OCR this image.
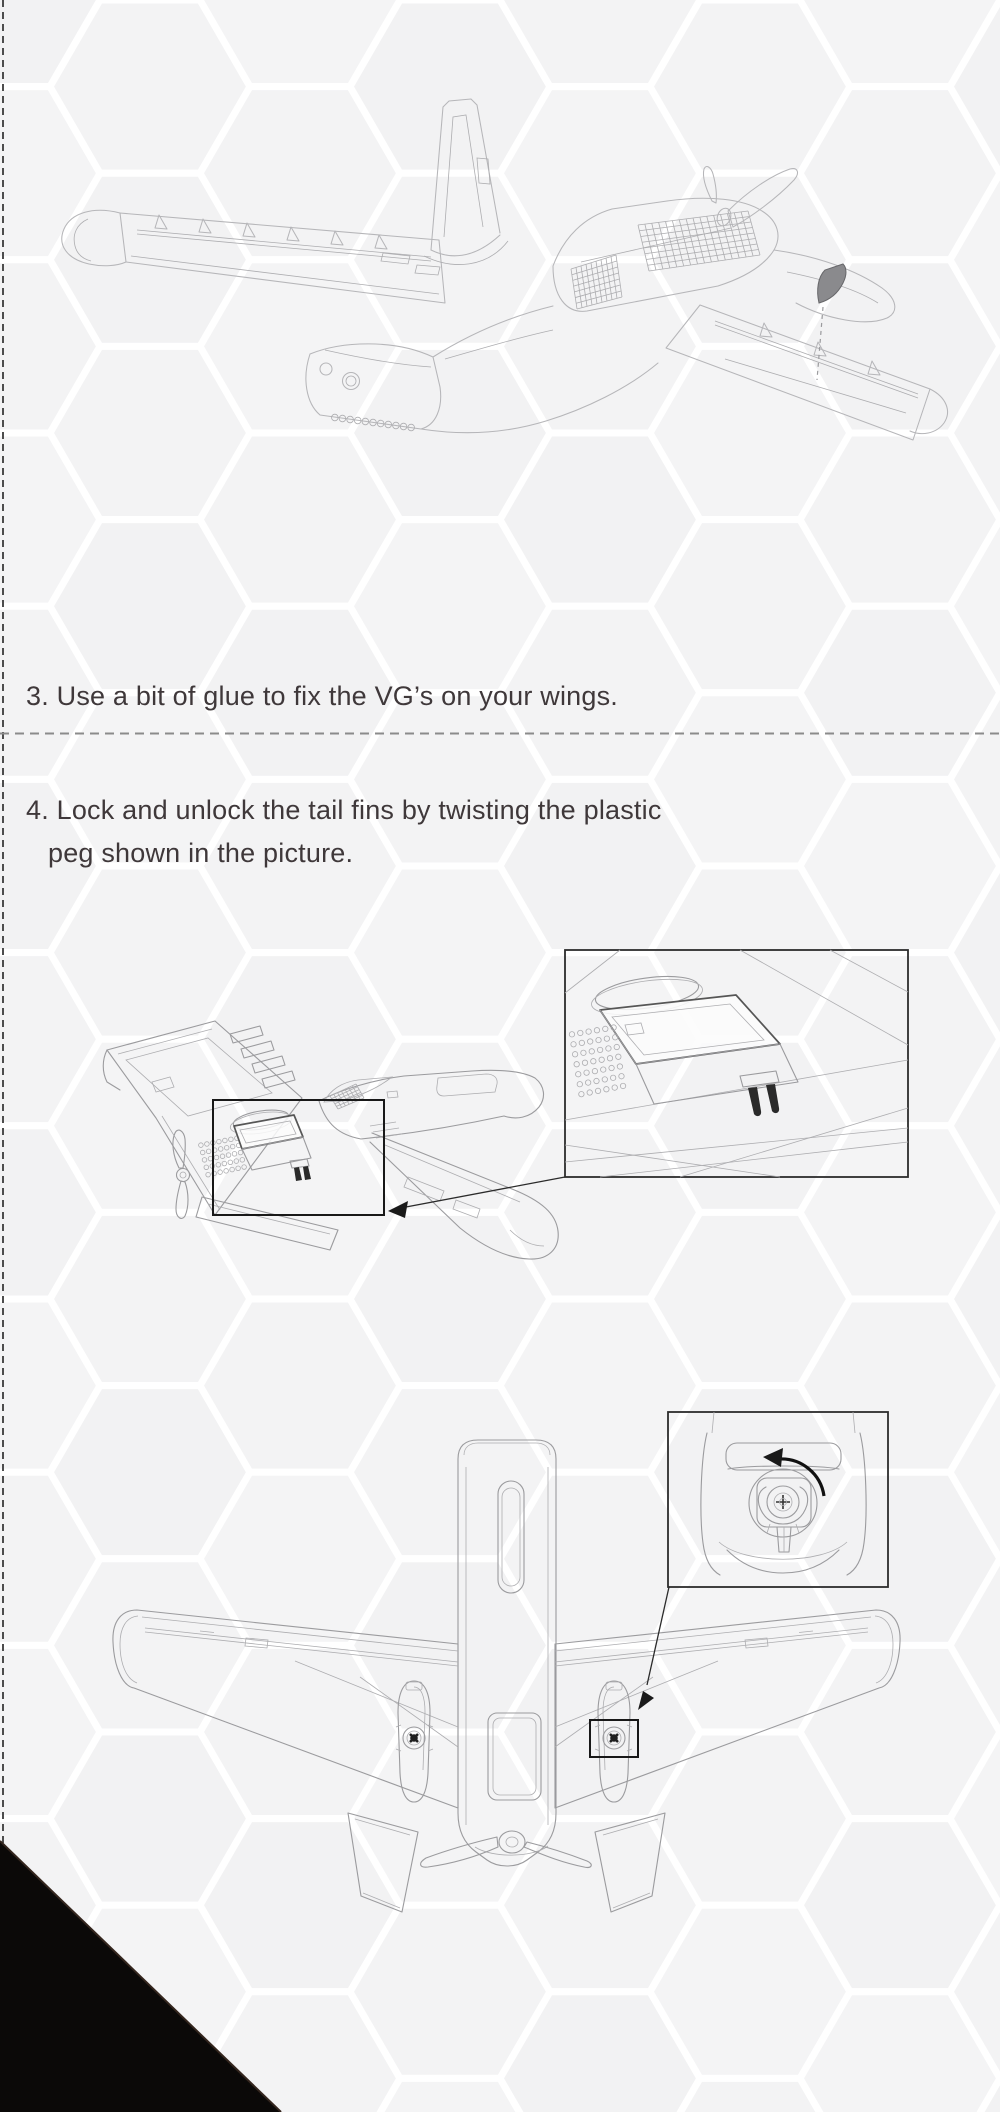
3. Use a bit of glue to fix the VG’s on your wings.
4. Lock and unlock the tail fins by twisting the plastic
peg shown in the picture.
